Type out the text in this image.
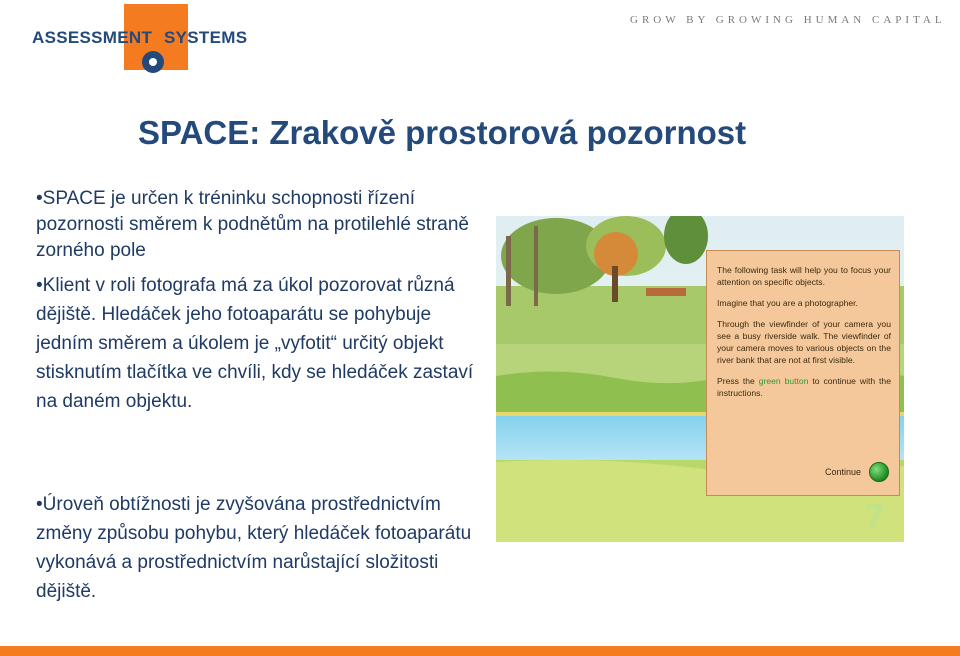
ASSESSMENT SYSTEMS
GROW BY GROWING HUMAN CAPITAL
SPACE: Zrakově prostorová pozornost
•SPACE je určen k tréninku schopnosti řízení pozornosti směrem k podnětům na protilehlé straně zorného pole
•Klient v roli fotografa má za úkol pozorovat různá dějiště. Hledáček jeho fotoaparátu se pohybuje jedním směrem a úkolem je „vyfotit“ určitý objekt stisknutím tlačítka ve chvíli, kdy se hledáček zastaví na daném objektu.
•Úroveň obtížnosti je zvyšována prostřednictvím změny způsobu pohybu, který hledáček fotoaparátu vykonává a prostřednictvím narůstající složitosti dějiště.

The following task will help you to focus your attention on specific objects.

Imagine that you are a photographer.

Through the viewfinder of your camera you see a busy riverside walk. The viewfinder of your camera moves to various objects on the river bank that are not at first visible.

Press the green button to continue with the instructions.

Continue
7
